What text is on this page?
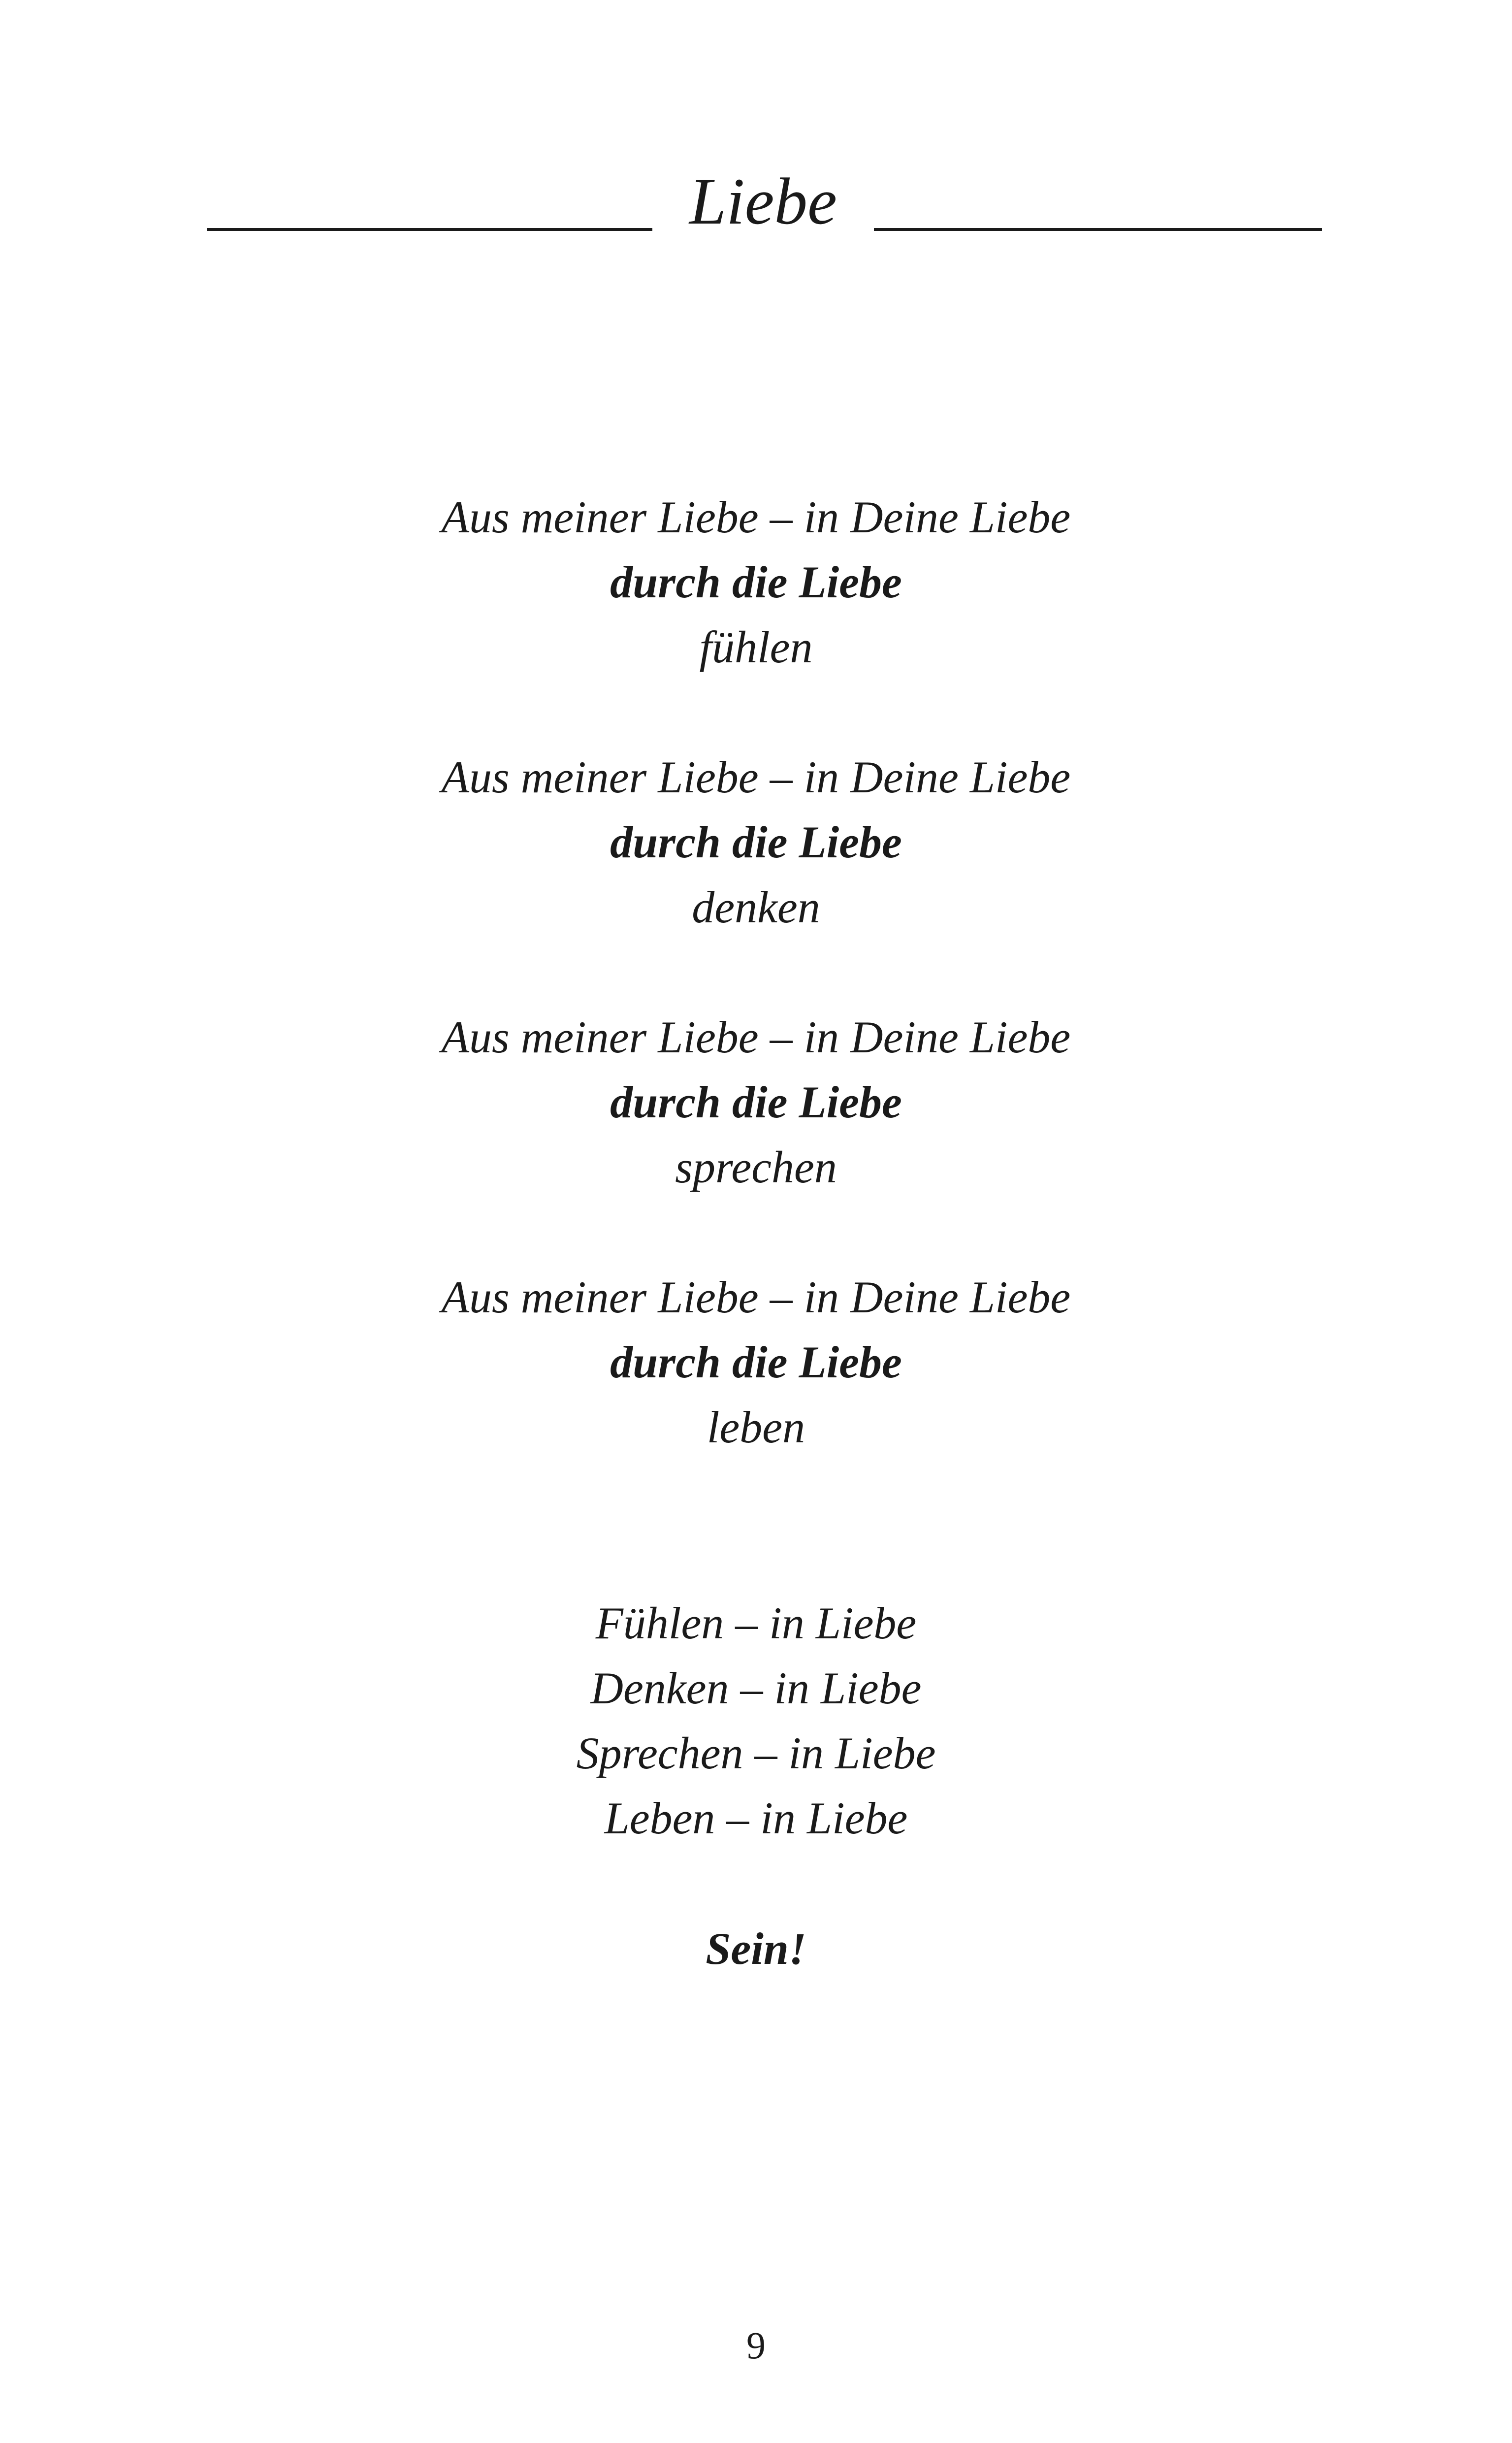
Liebe
Aus meiner Liebe – in Deine Liebe
durch die Liebe
fühlen
Aus meiner Liebe – in Deine Liebe
durch die Liebe
denken
Aus meiner Liebe – in Deine Liebe
durch die Liebe
sprechen
Aus meiner Liebe – in Deine Liebe
durch die Liebe
leben
Fühlen – in Liebe
Denken – in Liebe
Sprechen – in Liebe
Leben – in Liebe
Sein!
9
